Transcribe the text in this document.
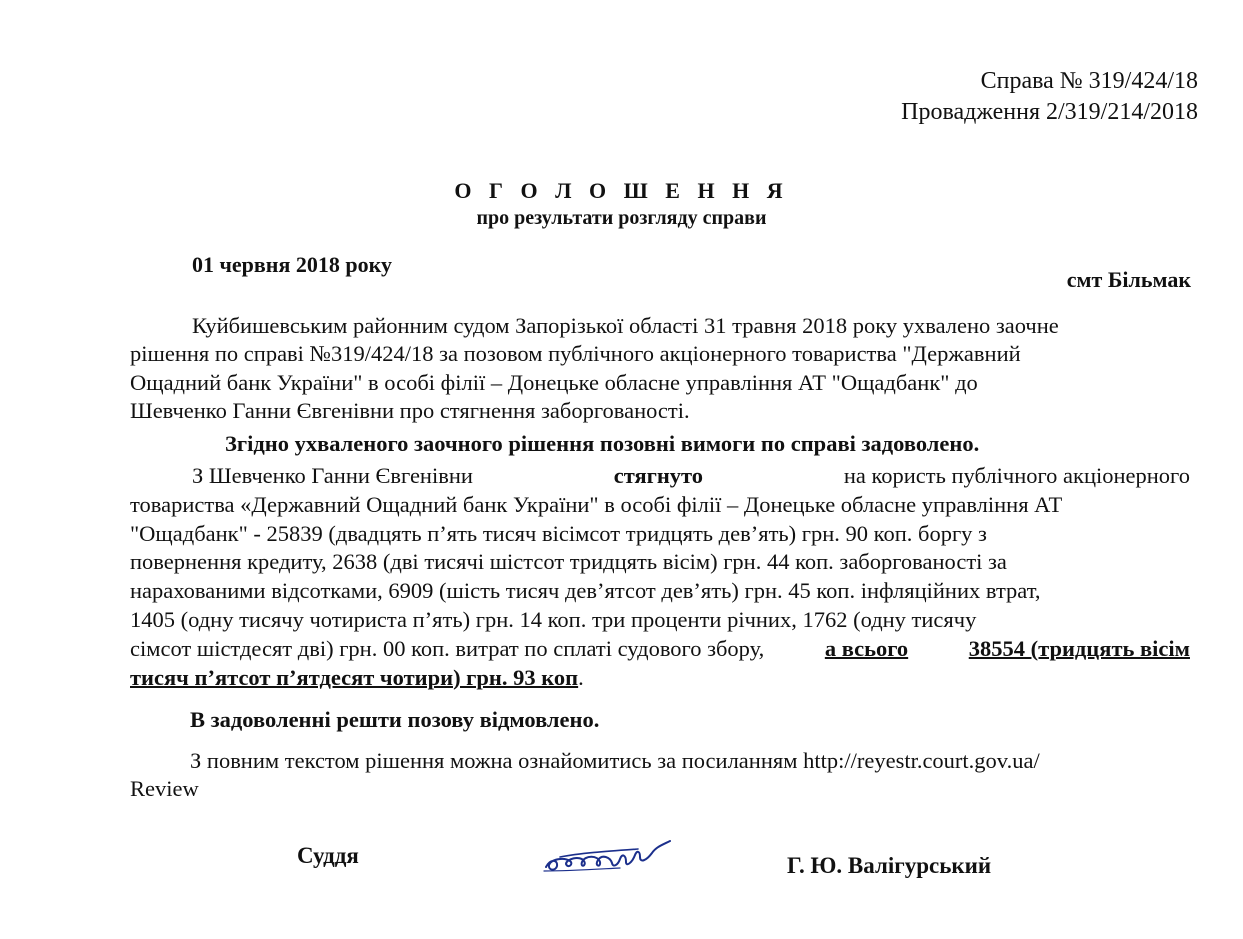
Справа № 319/424/18
Провадження 2/319/214/2018
О Г О Л О Ш Е Н Н Я
про результати розгляду справи
01 червня 2018 року
смт Більмак
Куйбишевським районним судом Запорізької області 31 травня 2018 року ухвалено заочне
рішення по справі №319/424/18 за позовом публічного акціонерного товариства "Державний
Ощадний банк України" в особі філії – Донецьке обласне управління АТ "Ощадбанк" до
Шевченко Ганни Євгенівни про стягнення заборгованості.
Згідно ухваленого заочного рішення позовні вимоги по справі задоволено.
З Шевченко Ганни Євгенівни	стягнуто	на користь публічного акціонерного
товариства «Державний Ощадний банк України" в особі філії – Донецьке обласне управління АТ
"Ощадбанк" - 25839 (двадцять п’ять тисяч вісімсот тридцять дев’ять) грн. 90 коп. боргу з
повернення кредиту, 2638 (дві тисячі шістсот тридцять вісім) грн. 44 коп. заборгованості за
нарахованими відсотками, 6909 (шість тисяч дев’ятсот дев’ять) грн. 45 коп. інфляційних втрат,
1405 (одну тисячу чотириста п’ять) грн. 14 коп. три проценти річних, 1762 (одну тисячу
сімсот шістдесят дві) грн. 00 коп. витрат по сплаті судового збору,	а всього	38554 (тридцять вісім
тисяч п’ятсот п’ятдесят чотири) грн. 93 коп .
В задоволенні решти позову відмовлено.
З повним текстом рішення можна ознайомитись за посиланням http://reyestr.court.gov.ua/
Review
Суддя	Г. Ю. Валігурський
